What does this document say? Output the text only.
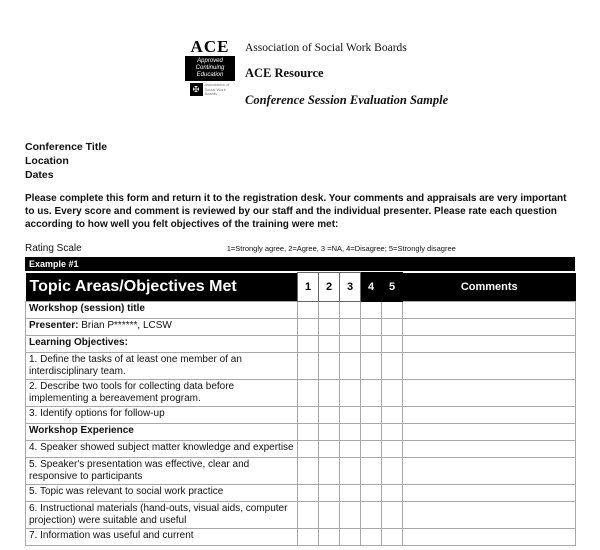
ACE
Approved
Continuing
Education
✠
Association of Social Work Boards
Association of Social Work Boards
ACE Resource
Conference Session Evaluation Sample
Conference Title
Location
Dates

Please complete this form and return it to the registration desk. Your comments and appraisals are very important to us. Every score and comment is reviewed by our staff and the individual presenter. Please rate each question according to how well you felt objectives of the training were met:

Rating Scale	1=Strongly agree, 2=Agree, 3 =NA, 4=Disagree; 5=Strongly disagree
Example #1
Topic Areas/Objectives Met	1	2	3	4	5	Comments
Workshop (session) title						
Presenter: Brian P******, LCSW						
Learning Objectives:						
1. Define the tasks of at least one member of an interdisciplinary team.						
2. Describe two tools for collecting data before implementing a bereavement program.						
3. Identify options for follow-up						
Workshop Experience						
4. Speaker showed subject matter knowledge and expertise						
5. Speaker's presentation was effective, clear and responsive to participants						
5. Topic was relevant to social work practice						
6. Instructional materials (hand-outs, visual aids, computer projection) were suitable and useful						
7. Information was useful and current						
